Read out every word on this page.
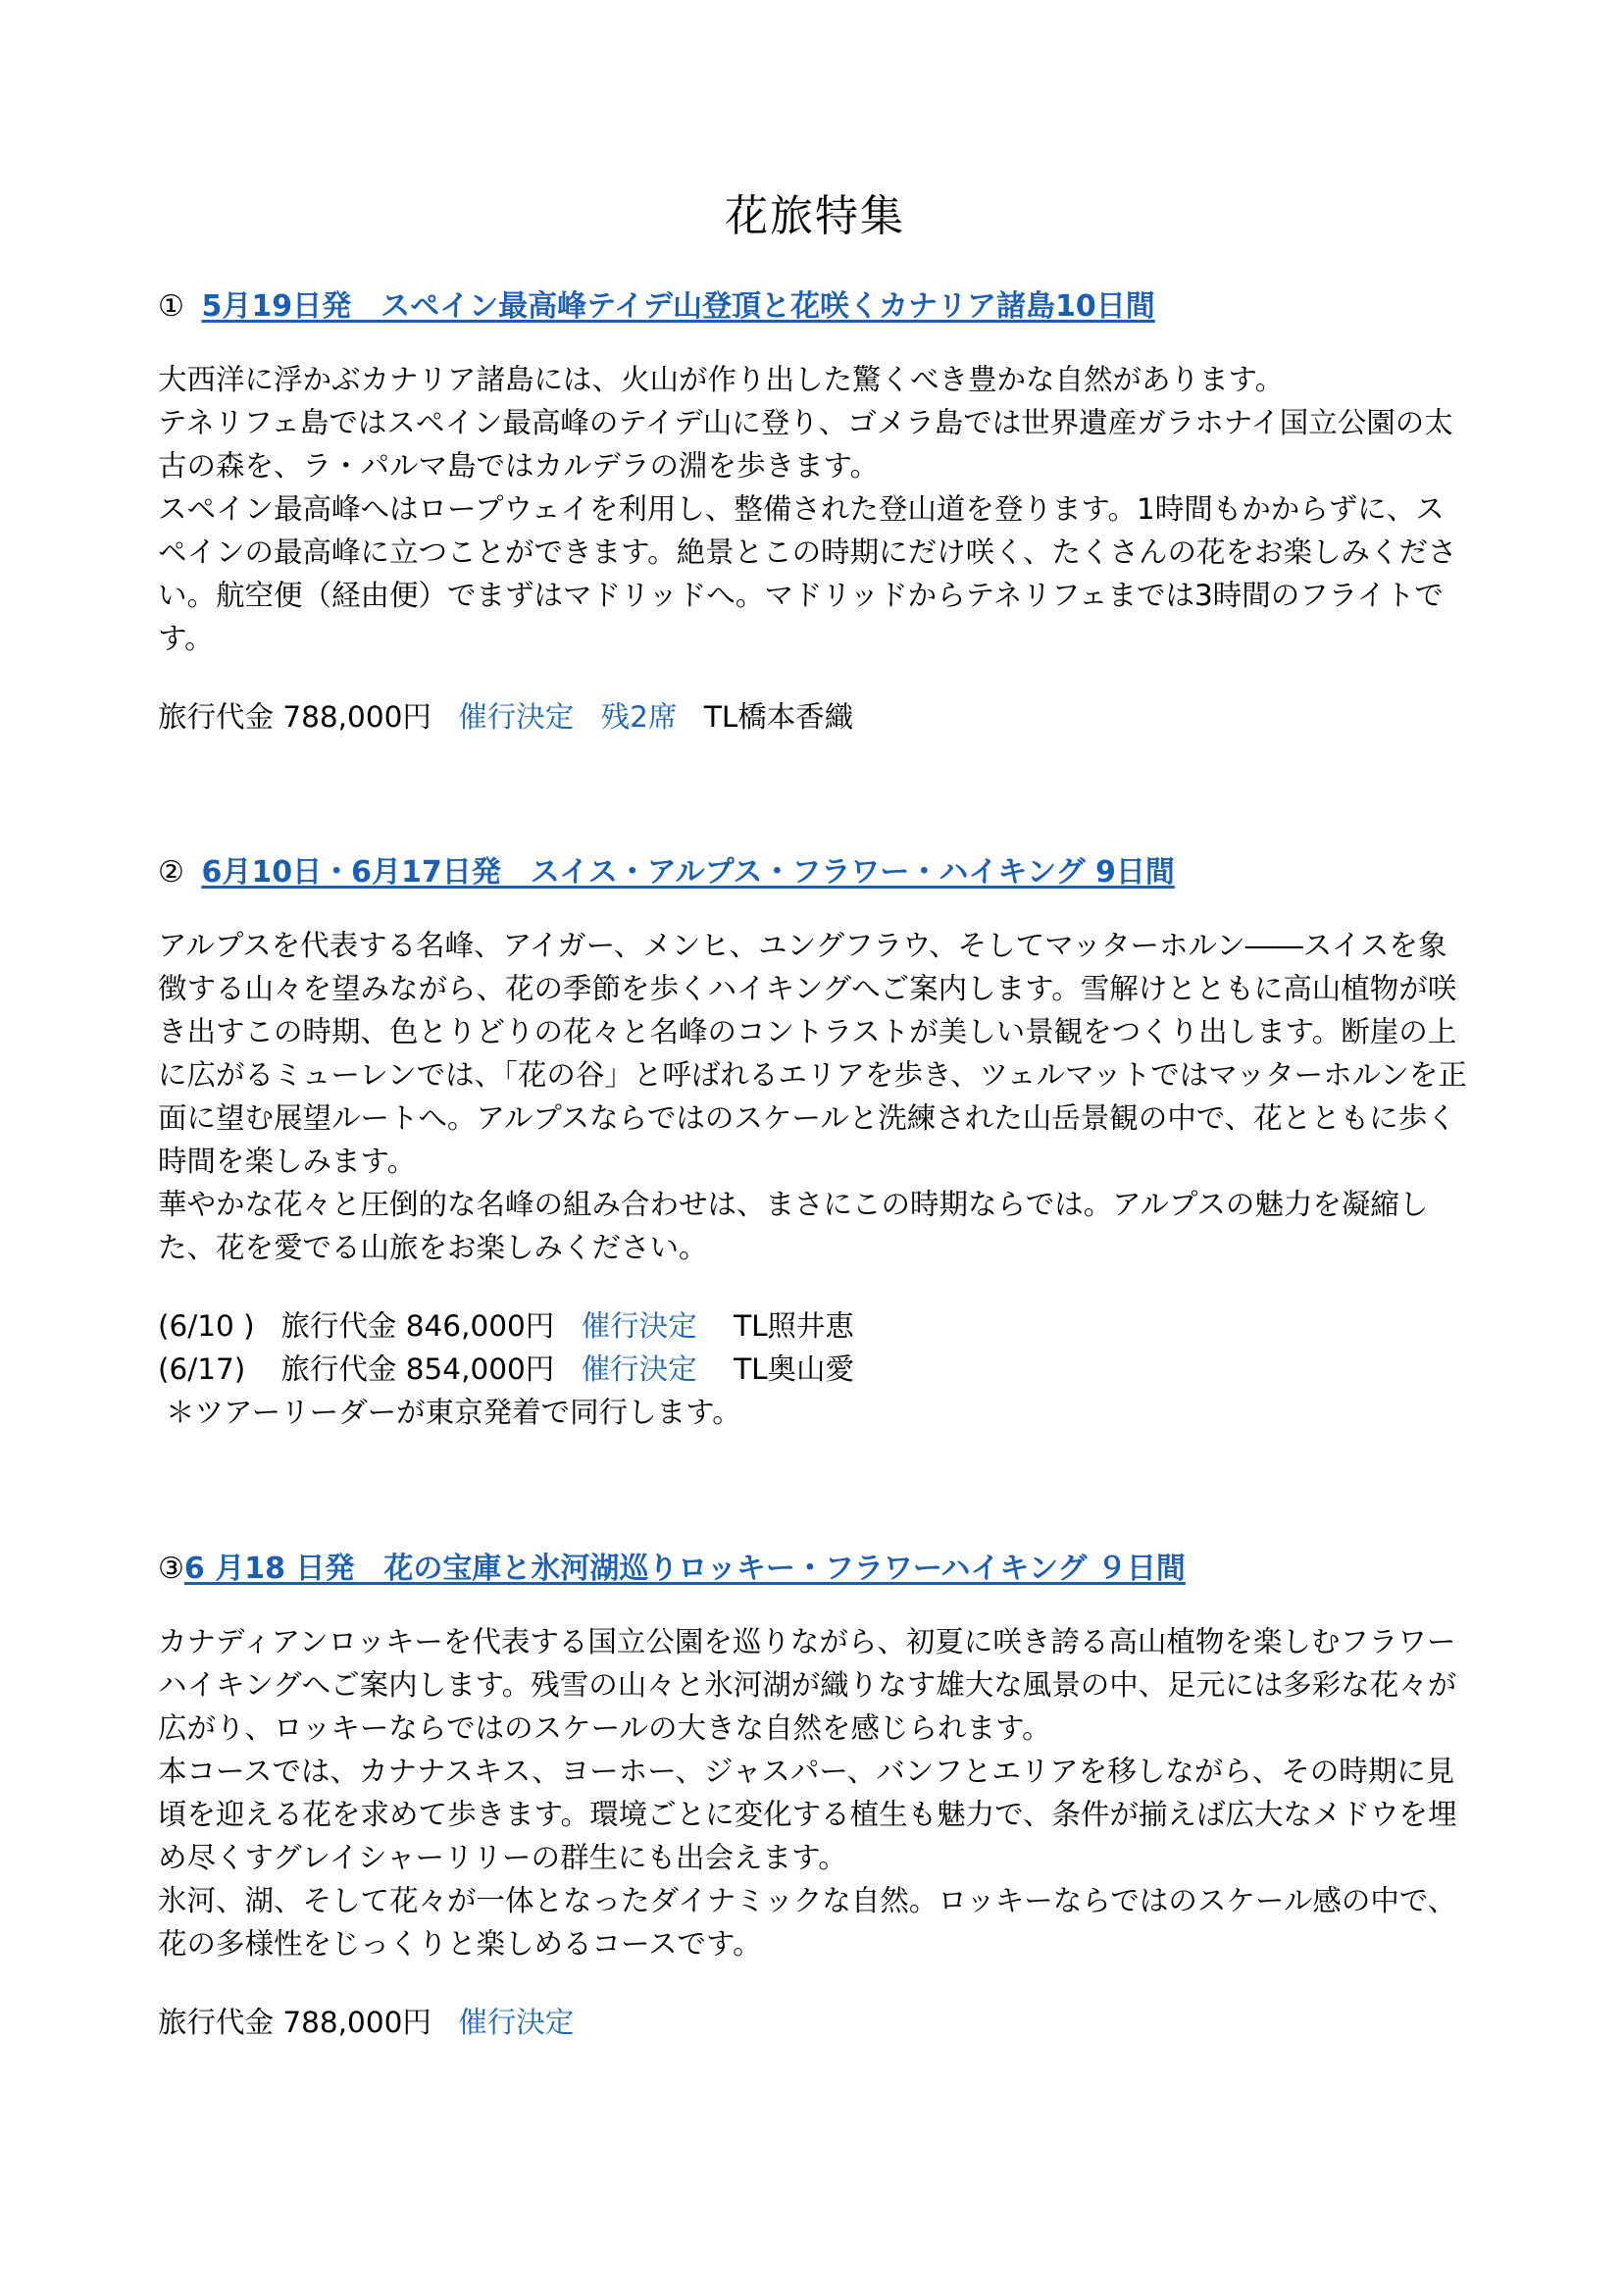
花旅特集
① 5月19日発　スペイン最高峰テイデ山登頂と花咲くカナリア諸島10日間

大西洋に浮かぶカナリア諸島には、火山が作り出した驚くべき豊かな自然があります。

テネリフェ島ではスペイン最高峰のテイデ山に登り、ゴメラ島では世界遺産ガラホナイ国立公園の太古の森を、ラ・パルマ島ではカルデラの淵を歩きます。

スペイン最高峰へはロープウェイを利用し、整備された登山道を登ります。1時間もかからずに、スペインの最高峰に立つことができます。絶景とこの時期にだけ咲く、たくさんの花をお楽しみください。航空便（経由便）でまずはマドリッドへ。マドリッドからテネリフェまでは3時間のフライトです。

旅行代金 788,000円 催行決定 残2席 TL橋本香織
② 6月10日・6月17日発　スイス・アルプス・フラワー・ハイキング 9日間

アルプスを代表する名峰、アイガー、メンヒ、ユングフラウ、そしてマッターホルン――スイスを象徴する山々を望みながら、花の季節を歩くハイキングへご案内します。雪解けとともに高山植物が咲き出すこの時期、色とりどりの花々と名峰のコントラストが美しい景観をつくり出します。断崖の上に広がるミューレンでは、「花の谷」と呼ばれるエリアを歩き、ツェルマットではマッターホルンを正面に望む展望ルートへ。アルプスならではのスケールと洗練された山岳景観の中で、花とともに歩く時間を楽しみます。

華やかな花々と圧倒的な名峰の組み合わせは、まさにこの時期ならでは。アルプスの魅力を凝縮した、花を愛でる山旅をお楽しみください。

(6/10 ) 旅行代金 846,000円 催行決定 TL照井恵
(6/17) 旅行代金 854,000円 催行決定 TL奥山愛
＊ツアーリーダーが東京発着で同行します。
③6 月18 日発　花の宝庫と氷河湖巡りロッキー・フラワーハイキング ９日間

カナディアンロッキーを代表する国立公園を巡りながら、初夏に咲き誇る高山植物を楽しむフラワーハイキングへご案内します。残雪の山々と氷河湖が織りなす雄大な風景の中、足元には多彩な花々が広がり、ロッキーならではのスケールの大きな自然を感じられます。

本コースでは、カナナスキス、ヨーホー、ジャスパー、バンフとエリアを移しながら、その時期に見頃を迎える花を求めて歩きます。環境ごとに変化する植生も魅力で、条件が揃えば広大なメドウを埋め尽くすグレイシャーリリーの群生にも出会えます。

氷河、湖、そして花々が一体となったダイナミックな自然。ロッキーならではのスケール感の中で、花の多様性をじっくりと楽しめるコースです。

旅行代金 788,000円 催行決定
